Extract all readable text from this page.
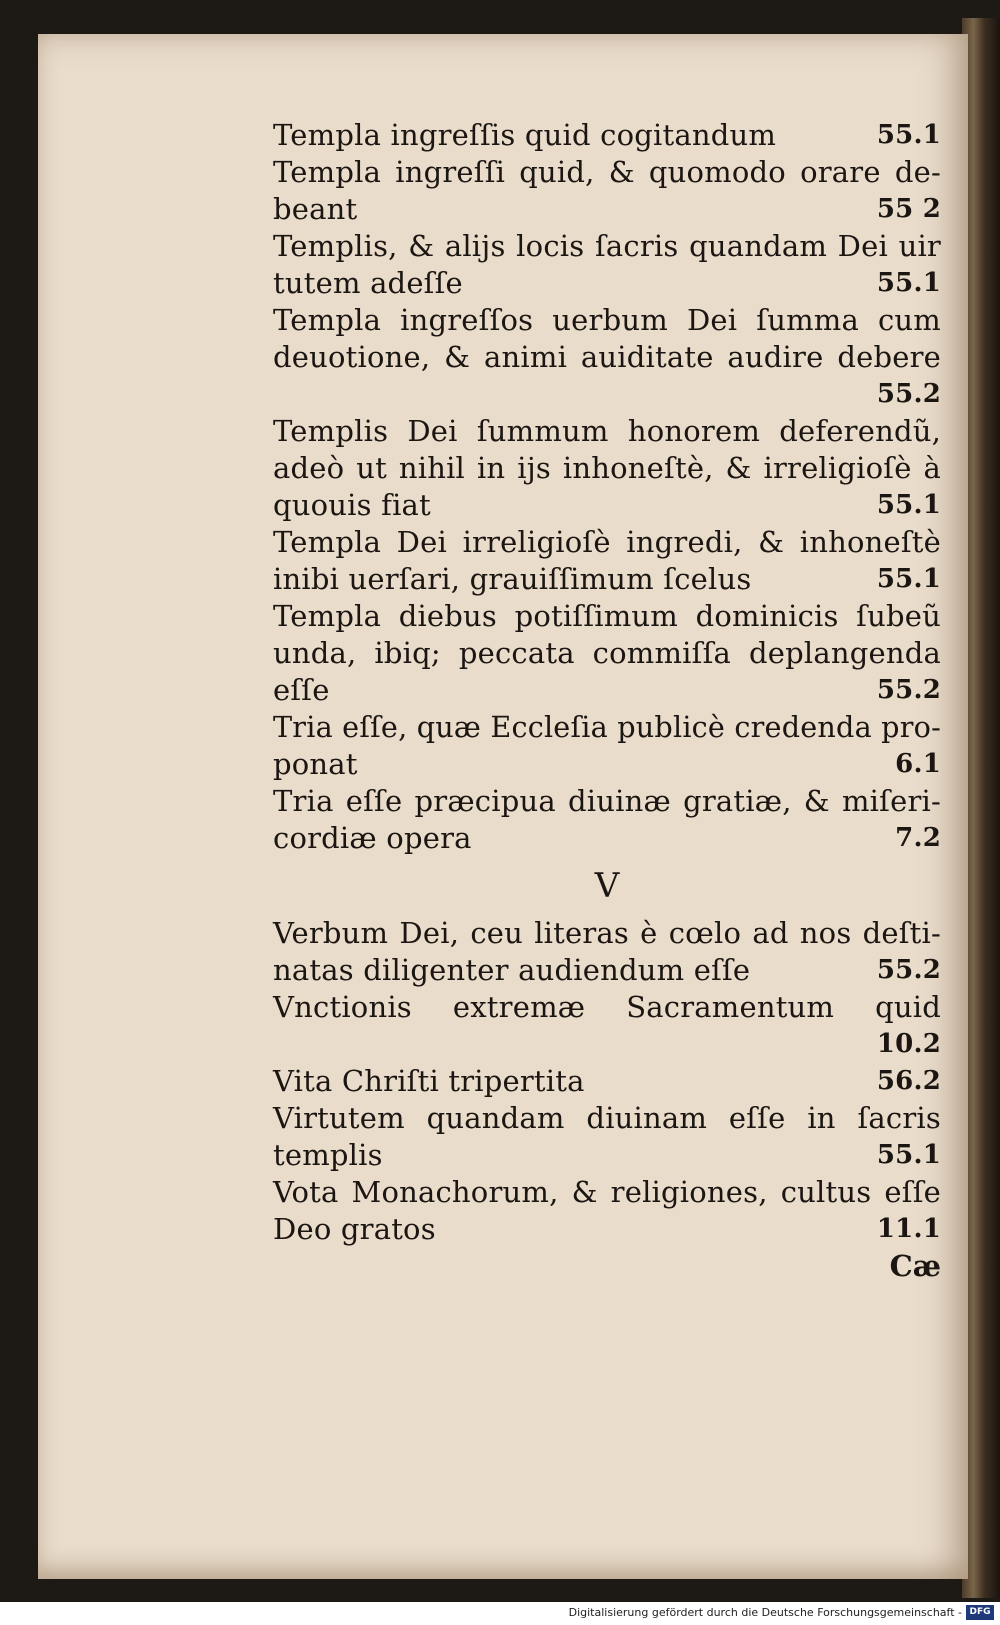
Templa ingreſſis quid cogitandum	55.1
Templa ingreſſi quid, & quomodo orare de-
beant	55 2
Templis, & alijs locis ſacris quandam Dei uir
tutem adeſſe	55.1
Templa ingreſſos uerbum Dei ſumma cum
deuotione, & animi auiditate audire debere
55.2
Templis Dei ſummum honorem deferendũ,
adeò ut nihil in ijs inhoneſtè, & irreligioſè à
quouis fiat	55.1
Templa Dei irreligioſè ingredi, & inhoneſtè
inibi uerſari, grauiſſimum ſcelus	55.1
Templa diebus potiſſimum dominicis ſubeũ
unda, ibiq; peccata commiſſa deplangenda
eſſe	55.2
Tria eſſe, quæ Eccleſia publicè credenda pro-
ponat	6.1
Tria eſſe præcipua diuinæ gratiæ, & miſeri-
cordiæ opera	7.2
V
Verbum Dei, ceu literas è cœlo ad nos deſti-
natas diligenter audiendum eſſe	55.2
Vnctionis extremæ Sacramentum quid
10.2
Vita Chriſti tripertita	56.2
Virtutem quandam diuinam eſſe in ſacris
templis	55.1
Vota Monachorum, & religiones, cultus eſſe
Deo gratos	11.1
Cæ
Digitalisierung gefördert durch die Deutsche Forschungsgemeinschaft - DFG
